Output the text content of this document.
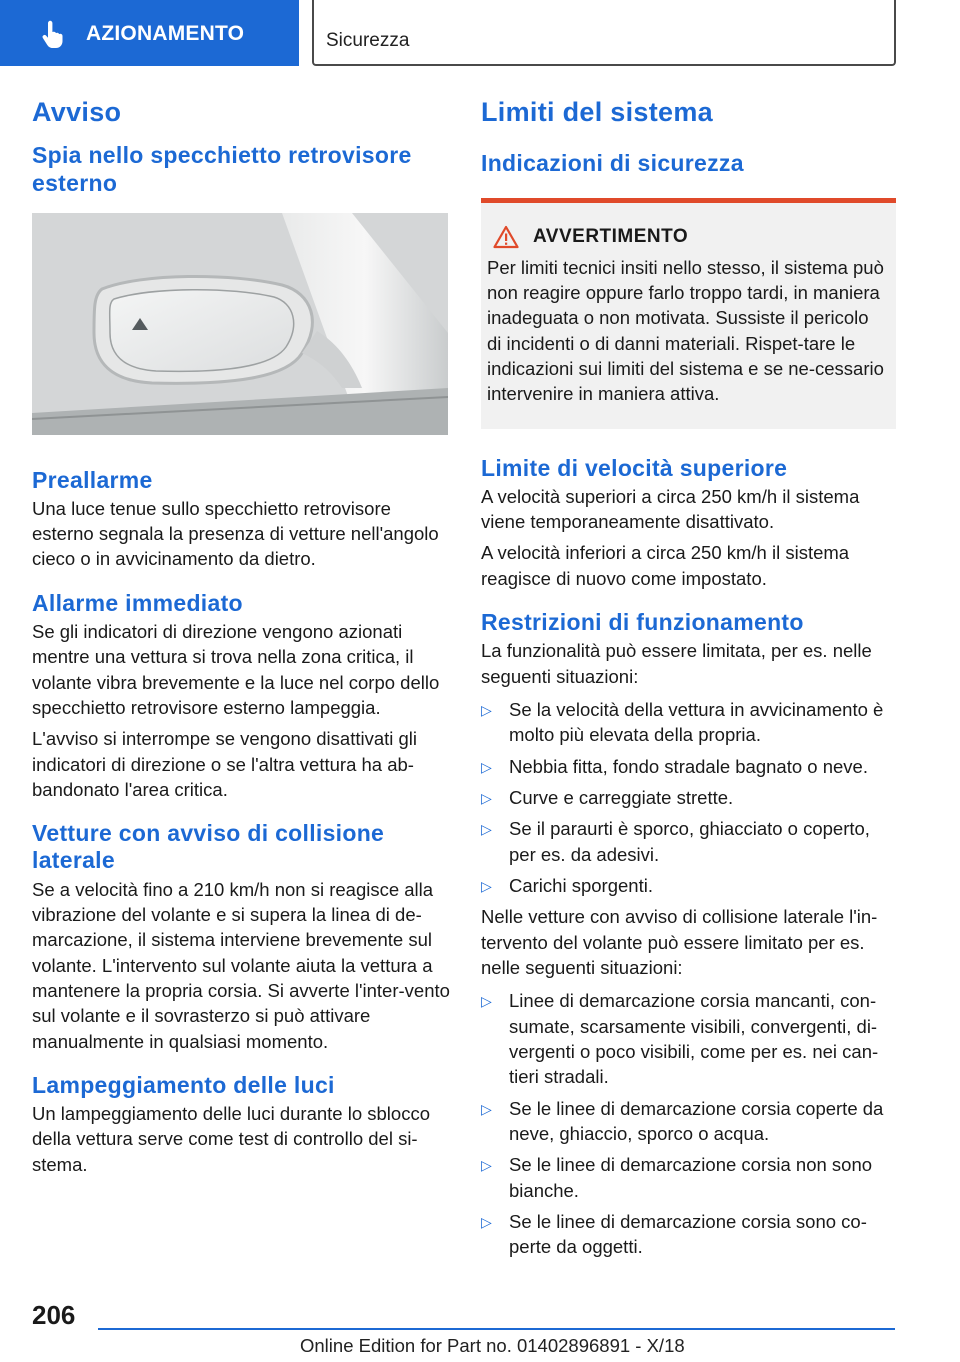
AZIONAMENTO	Sicurezza
Avviso
Spia nello specchietto retrovisore esterno
Preallarme

Una luce tenue sullo specchietto retrovisore esterno segnala la presenza di vetture nell'angolo cieco o in avvicinamento da dietro.

Allarme immediato

Se gli indicatori di direzione vengono azionati mentre una vettura si trova nella zona critica, il volante vibra brevemente e la luce nel corpo dello specchietto retrovisore esterno lampeggia.

L'avviso si interrompe se vengono disattivati gli indicatori di direzione o se l'altra vettura ha ab-bandonato l'area critica.

Vetture con avviso di collisione laterale

Se a velocità fino a 210 km/h non si reagisce alla vibrazione del volante e si supera la linea di de-marcazione, il sistema interviene brevemente sul volante. L'intervento sul volante aiuta la vettura a mantenere la propria corsia. Si avverte l'inter-vento sul volante e il sovrasterzo si può attivare manualmente in qualsiasi momento.

Lampeggiamento delle luci

Un lampeggiamento delle luci durante lo sblocco della vettura serve come test di controllo del si-stema.

Limiti del sistema
Indicazioni di sicurezza
AVVERTIMENTO

Per limiti tecnici insiti nello stesso, il sistema può non reagire oppure farlo troppo tardi, in maniera inadeguata o non motivata. Sussiste il pericolo di incidenti o di danni materiali. Rispet-tare le indicazioni sui limiti del sistema e se ne-cessario intervenire in maniera attiva.

Limite di velocità superiore

A velocità superiori a circa 250 km/h il sistema viene temporaneamente disattivato.

A velocità inferiori a circa 250 km/h il sistema reagisce di nuovo come impostato.

Restrizioni di funzionamento

La funzionalità può essere limitata, per es. nelle seguenti situazioni:

▷ Se la velocità della vettura in avvicinamento è molto più elevata della propria.
▷ Nebbia fitta, fondo stradale bagnato o neve.
▷ Curve e carreggiate strette.
▷ Se il paraurti è sporco, ghiacciato o coperto, per es. da adesivi.
▷ Carichi sporgenti.

Nelle vetture con avviso di collisione laterale l'in-tervento del volante può essere limitato per es. nelle seguenti situazioni:

▷ Linee di demarcazione corsia mancanti, con-sumate, scarsamente visibili, convergenti, di-vergenti o poco visibili, come per es. nei can-tieri stradali.
▷ Se le linee di demarcazione corsia coperte da neve, ghiaccio, sporco o acqua.
▷ Se le linee di demarcazione corsia non sono bianche.
▷ Se le linee di demarcazione corsia sono co-perte da oggetti.
206
Online Edition for Part no. 01402896891 - X/18
